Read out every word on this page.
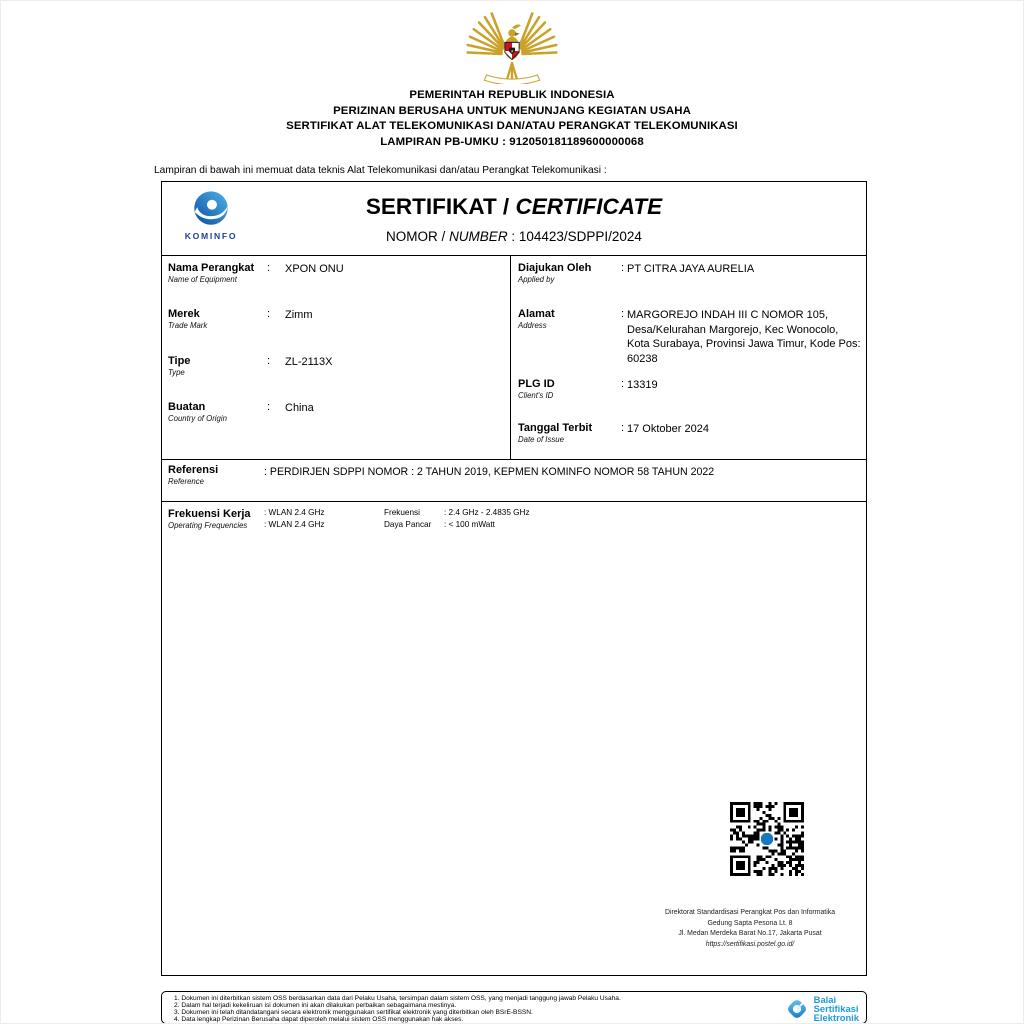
★
PEMERINTAH REPUBLIK INDONESIA
PERIZINAN BERUSAHA UNTUK MENUNJANG KEGIATAN USAHA
SERTIFIKAT ALAT TELEKOMUNIKASI DAN/ATAU PERANGKAT TELEKOMUNIKASI
LAMPIRAN PB-UMKU : 912050181189600000068
Lampiran di bawah ini memuat data teknis Alat Telekomunikasi dan/atau Perangkat Telekomunikasi :
KOMINFO
SERTIFIKAT / CERTIFICATE
NOMOR / NUMBER : 104423/SDPPI/2024
Nama Perangkat
Name of Equipment
:
XPON ONU
Merek
Trade Mark
:
Zimm
Tipe
Type
:
ZL-2113X
Buatan
Country of Origin
:
China
Diajukan Oleh
Applied by
:
PT CITRA JAYA AURELIA
Alamat
Address
:
MARGOREJO INDAH III C NOMOR 105, Desa/Kelurahan Margorejo, Kec Wonocolo, Kota Surabaya, Provinsi Jawa Timur, Kode Pos: 60238
PLG ID
Client's ID
:
13319
Tanggal Terbit
Date of Issue
:
17 Oktober 2024
Referensi
Reference
: PERDIRJEN SDPPI NOMOR : 2 TAHUN 2019, KEPMEN KOMINFO NOMOR 58 TAHUN 2022
Frekuensi Kerja
Operating Frequencies
: WLAN 2.4 GHz
: WLAN 2.4 GHz
Frekuensi
Daya Pancar
: 2.4 GHz - 2.4835 GHz
: < 100 mWatt
Direktorat Standardisasi Perangkat Pos dan Informatika
Gedung Sapta Pesona Lt. 8
Jl. Medan Merdeka Barat No.17, Jakarta Pusat
https://sertifikasi.postel.go.id/
1. Dokumen ini diterbitkan sistem OSS berdasarkan data dari Pelaku Usaha, tersimpan dalam sistem OSS, yang menjadi tanggung jawab Pelaku Usaha.
2. Dalam hal terjadi kekeliruan isi dokumen ini akan dilakukan perbaikan sebagaimana mestinya.
3. Dokumen ini telah ditandatangani secara elektronik menggunakan sertifikat elektronik yang diterbitkan oleh BSrE-BSSN.
4. Data lengkap Perizinan Berusaha dapat diperoleh melalui sistem OSS menggunakan hak akses.
Balai
Sertifikasi
Elektronik
